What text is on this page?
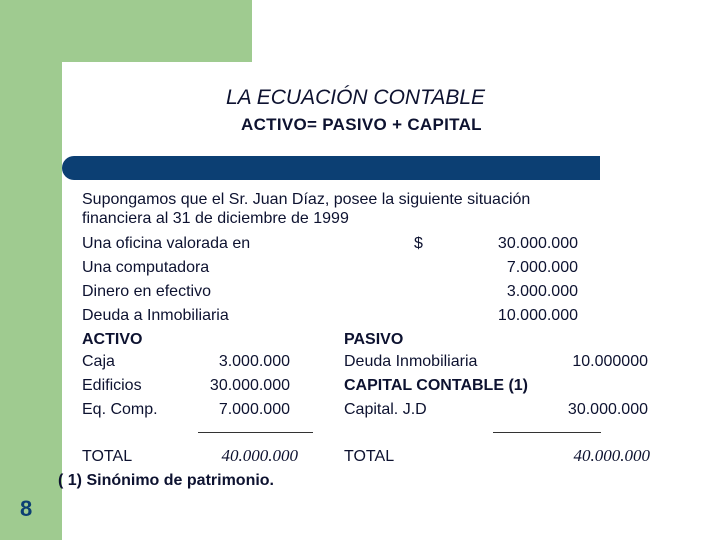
LA ECUACIÓN CONTABLE
ACTIVO= PASIVO + CAPITAL
Supongamos que el Sr. Juan Díaz, posee la siguiente situación
financiera al 31 de diciembre de 1999
Una oficina valorada en	$	30.000.000
Una computadora	7.000.000
Dinero en efectivo	3.000.000
Deuda a Inmobiliaria	10.000.000
ACTIVO
Caja	3.000.000
Edificios	30.000.000
Eq. Comp.	7.000.000
TOTAL	40.000.000
PASIVO
Deuda Inmobiliaria	10.000000
CAPITAL CONTABLE (1)
Capital. J.D	30.000.000
TOTAL	40.000.000
( 1) Sinónimo de patrimonio.
8
